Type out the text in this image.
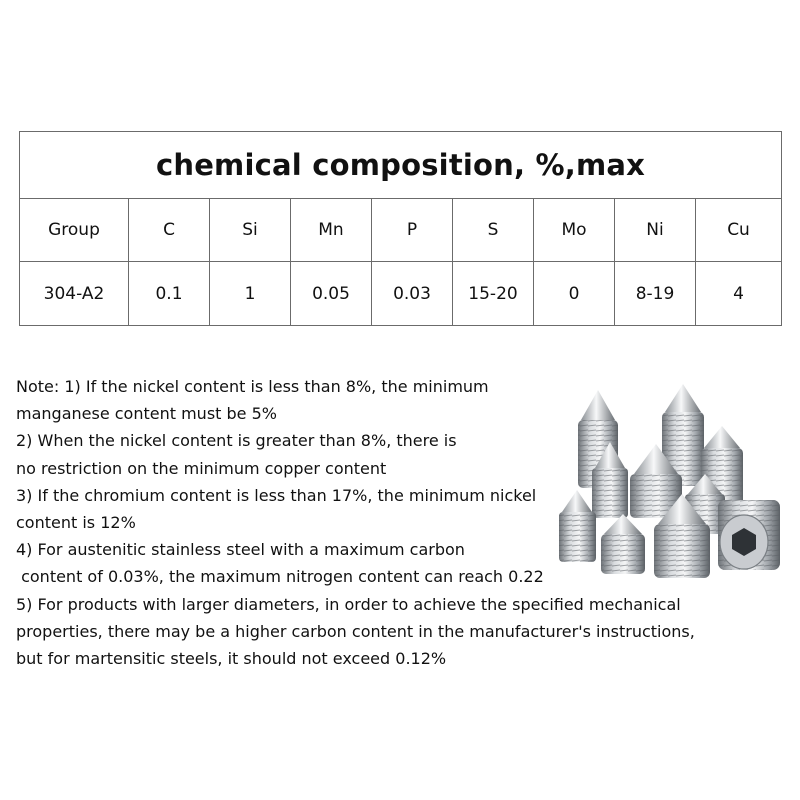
chemical composition, %,max								
Group	C	Si	Mn	P	S	Mo	Ni	Cu
304-A2	0.1	1	0.05	0.03	15-20	0	8-19	4
Note: 1) If the nickel content is less than 8%, the minimum
manganese content must be 5%
2) When the nickel content is greater than 8%, there is
no restriction on the minimum copper content
3) If the chromium content is less than 17%, the minimum nickel
content is 12%
4) For austenitic stainless steel with a maximum carbon
content of 0.03%, the maximum nitrogen content can reach 0.22
5) For products with larger diameters, in order to achieve the specified mechanical
properties, there may be a higher carbon content in the manufacturer's instructions,
but for martensitic steels, it should not exceed 0.12%
